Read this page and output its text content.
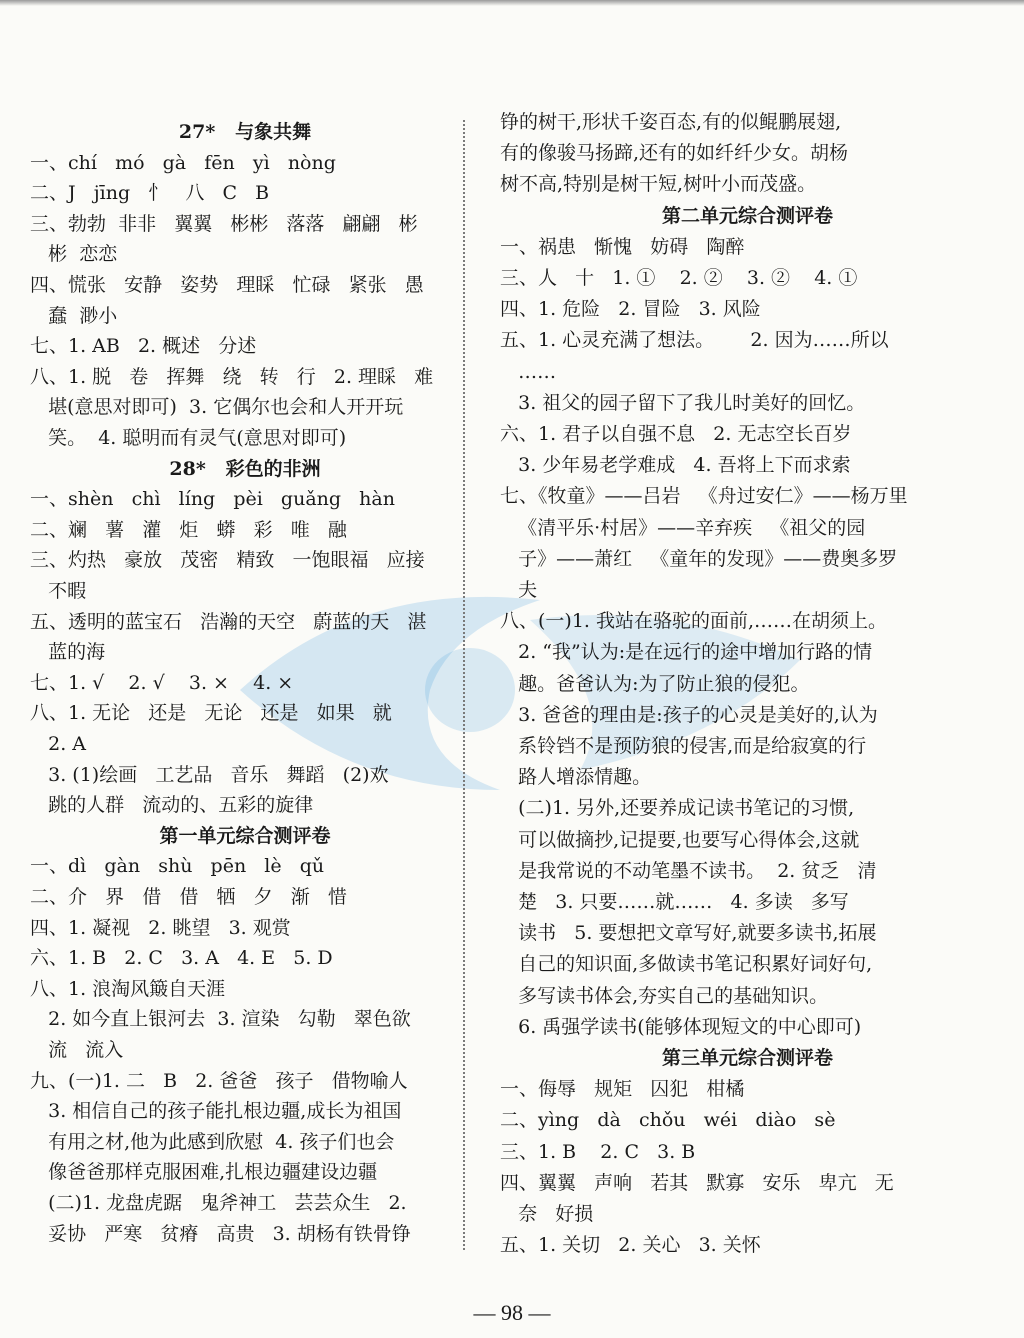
27*   与象共舞
一、chí   mó   gà   fēn   yì   nòng
二、J   jīng   忄   八   C   B
三、勃勃  非非   翼翼   彬彬   落落   翩翩   彬
彬  恋恋
四、慌张   安静   姿势   理睬   忙碌   紧张   愚
蠢  渺小
七、1. AB   2. 概述   分述
八、1. 脱   卷   挥舞   绕   转   行   2. 理睬   难
堪(意思对即可)  3. 它偶尔也会和人开开玩
笑。  4. 聪明而有灵气(意思对即可)
28*   彩色的非洲
一、shèn   chì   líng   pèi   guǎng   hàn
二、斓   薯   灌   炬   蟒   彩   唯   融
三、灼热   豪放   茂密   精致   一饱眼福   应接
不暇
五、透明的蓝宝石   浩瀚的天空   蔚蓝的天   湛
蓝的海
七、1. √    2. √    3. ×    4. ×
八、1. 无论   还是   无论   还是   如果   就
2. A
3. (1)绘画   工艺品   音乐   舞蹈   (2)欢
跳的人群   流动的、五彩的旋律
第一单元综合测评卷
一、dì   gàn   shù   pēn   lè   qǔ
二、介   界   借   借   牺   夕   渐   惜
四、1. 凝视   2. 眺望   3. 观赏
六、1. B   2. C   3. A   4. E   5. D
八、1. 浪淘风簸自天涯
2. 如今直上银河去  3. 渲染   勾勒   翠色欲
流   流入
九、(一)1. 二   B   2. 爸爸   孩子   借物喻人
3. 相信自己的孩子能扎根边疆,成长为祖国
有用之材,他为此感到欣慰  4. 孩子们也会
像爸爸那样克服困难,扎根边疆建设边疆
(二)1. 龙盘虎踞   鬼斧神工   芸芸众生   2.
妥协   严寒   贫瘠   高贵   3. 胡杨有铁骨铮
铮的树干,形状千姿百态,有的似鲲鹏展翅,
有的像骏马扬蹄,还有的如纤纤少女。胡杨
树不高,特别是树干短,树叶小而茂盛。
第二单元综合测评卷
一、祸患   惭愧   妨碍   陶醉
三、人   十   1. ①    2. ②    3. ②    4. ①
四、1. 危险   2. 冒险   3. 风险
五、1. 心灵充满了想法。      2. 因为……所以
……
3. 祖父的园子留下了我儿时美好的回忆。
六、1. 君子以自强不息   2. 无志空长百岁
3. 少年易老学难成   4. 吾将上下而求索
七、《牧童》——吕岩   《舟过安仁》——杨万里
《清平乐·村居》——辛弃疾   《祖父的园
子》——萧红   《童年的发现》——费奥多罗
夫
八、(一)1. 我站在骆驼的面前,……在胡须上。
2. “我”认为:是在远行的途中增加行路的情
趣。爸爸认为:为了防止狼的侵犯。
3. 爸爸的理由是:孩子的心灵是美好的,认为
系铃铛不是预防狼的侵害,而是给寂寞的行
路人增添情趣。
(二)1. 另外,还要养成记读书笔记的习惯,
可以做摘抄,记提要,也要写心得体会,这就
是我常说的不动笔墨不读书。  2. 贫乏   清
楚   3. 只要……就……   4. 多读   多写
读书   5. 要想把文章写好,就要多读书,拓展
自己的知识面,多做读书笔记积累好词好句,
多写读书体会,夯实自己的基础知识。
6. 禹强学读书(能够体现短文的中心即可)
第三单元综合测评卷
一、侮辱   规矩   囚犯   柑橘
二、yìng   dà   chǒu   wéi   diào   sè
三、1. B    2. C   3. B
四、翼翼   声响   若其   默寡   安乐   卑亢   无
奈   好损
五、1. 关切   2. 关心   3. 关怀
— 98 —
